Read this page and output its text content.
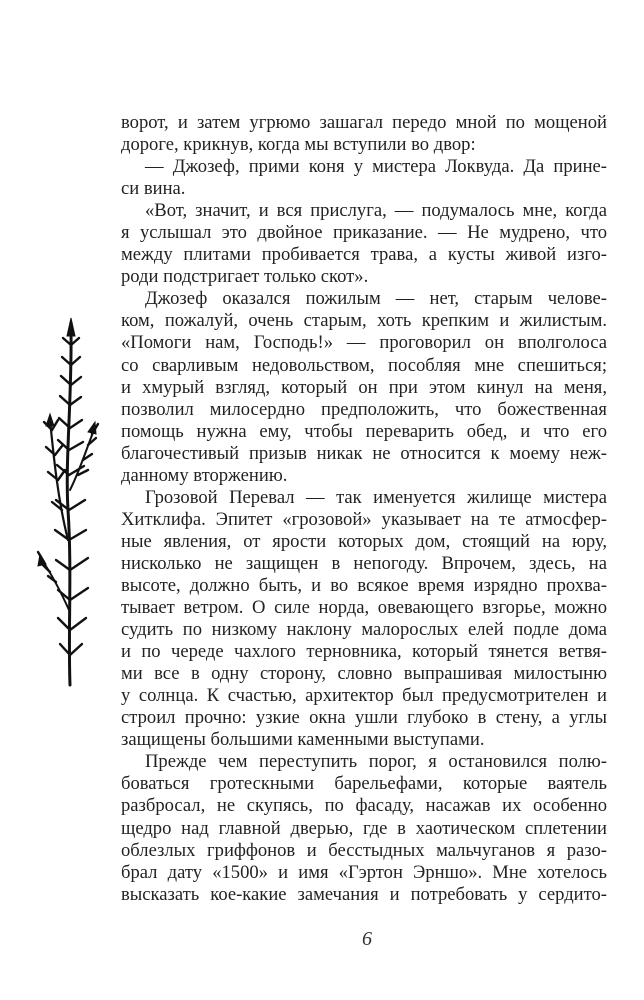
ворот, и затем угрюмо зашагал передо мной по мощеной
дороге, крикнув, когда мы вступили во двор:
— Джозеф, прими коня у мистера Локвуда. Да прине-
си вина.
«Вот, значит, и вся прислуга, — подумалось мне, когда
я услышал это двойное приказание. — Не мудрено, что
между плитами пробивается трава, а кусты живой изго-
роди подстригает только скот».
Джозеф оказался пожилым — нет, старым челове-
ком, пожалуй, очень старым, хоть крепким и жилистым.
«Помоги нам, Господь!» — проговорил он вполголоса
со сварливым недовольством, пособляя мне спешиться;
и хмурый взгляд, который он при этом кинул на меня,
позволил милосердно предположить, что божественная
помощь нужна ему, чтобы переварить обед, и что его
благочестивый призыв никак не относится к моему неж-
данному вторжению.
Грозовой Перевал — так именуется жилище мистера
Хитклифа. Эпитет «грозовой» указывает на те атмосфер-
ные явления, от ярости которых дом, стоящий на юру,
нисколько не защищен в непогоду. Впрочем, здесь, на
высоте, должно быть, и во всякое время изрядно прохва-
тывает ветром. О силе норда, овевающего взгорье, можно
судить по низкому наклону малорослых елей подле дома
и по череде чахлого терновника, который тянется ветвя-
ми все в одну сторону, словно выпрашивая милостыню
у солнца. К счастью, архитектор был предусмотрителен и
строил прочно: узкие окна ушли глубоко в стену, а углы
защищены большими каменными выступами.
Прежде чем переступить порог, я остановился полю-
боваться гротескными барельефами, которые ваятель
разбросал, не скупясь, по фасаду, насажав их особенно
щедро над главной дверью, где в хаотическом сплетении
облезлых гриффонов и бесстыдных мальчуганов я разо-
брал дату «1500» и имя «Гэртон Эрншо». Мне хотелось
высказать кое-какие замечания и потребовать у сердито-
6
